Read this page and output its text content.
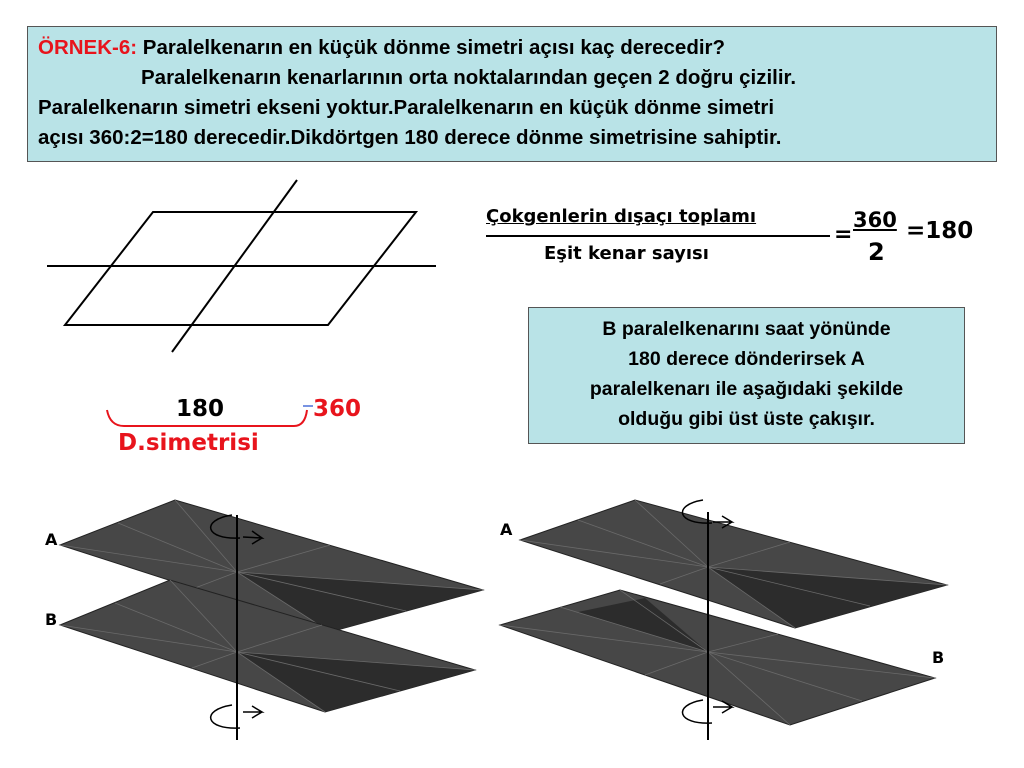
ÖRNEK-6: Paralelkenarın en küçük dönme simetri açısı kaç derecedir?
Paralelkenarın kenarlarının orta noktalarından geçen 2 doğru çizilir.
Paralelkenarın simetri ekseni yoktur.Paralelkenarın en küçük dönme simetri
açısı 360:2=180 derecedir.Dikdörtgen 180 derece dönme simetrisine sahiptir.
Çokgenlerin dışaçı toplamı
Eşit kenar sayısı
=
360
2
=180
B paralelkenarını saat yönünde
180 derece dönderirsek A
paralelkenarı ile aşağıdaki şekilde
olduğu gibi üst üste çakışır.
180	360
D.simetrisi
A
B
A
B
